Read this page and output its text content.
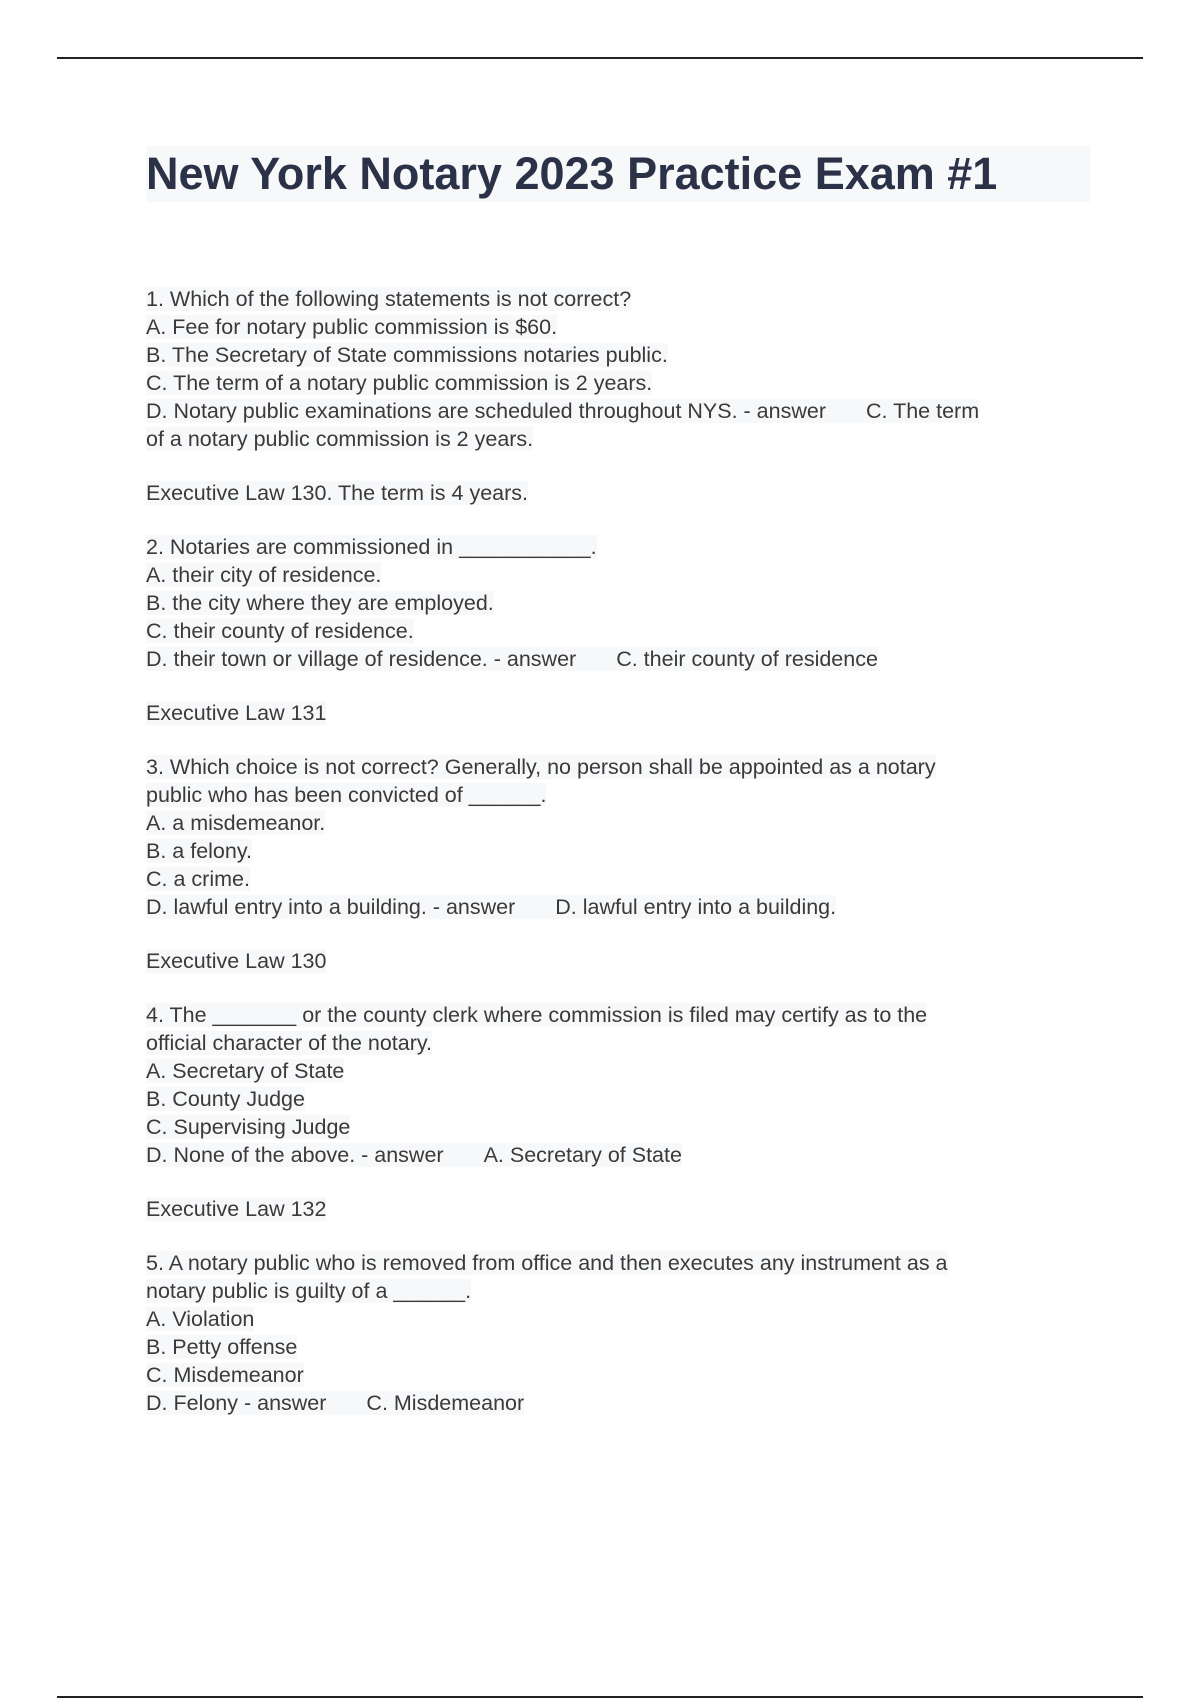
New York Notary 2023 Practice Exam #1
1. Which of the following statements is not correct?
A. Fee for notary public commission is $60.
B. The Secretary of State commissions notaries public.
C. The term of a notary public commission is 2 years.
D. Notary public examinations are scheduled throughout NYS. - answer C. The term
of a notary public commission is 2 years.
Executive Law 130. The term is 4 years.
2. Notaries are commissioned in ___________.
A. their city of residence.
B. the city where they are employed.
C. their county of residence.
D. their town or village of residence. - answer C. their county of residence
Executive Law 131
3. Which choice is not correct? Generally, no person shall be appointed as a notary
public who has been convicted of ______.
A. a misdemeanor.
B. a felony.
C. a crime.
D. lawful entry into a building. - answer D. lawful entry into a building.
Executive Law 130
4. The _______ or the county clerk where commission is filed may certify as to the
official character of the notary.
A. Secretary of State
B. County Judge
C. Supervising Judge
D. None of the above. - answer A. Secretary of State
Executive Law 132
5. A notary public who is removed from office and then executes any instrument as a
notary public is guilty of a ______.
A. Violation
B. Petty offense
C. Misdemeanor
D. Felony - answer C. Misdemeanor
